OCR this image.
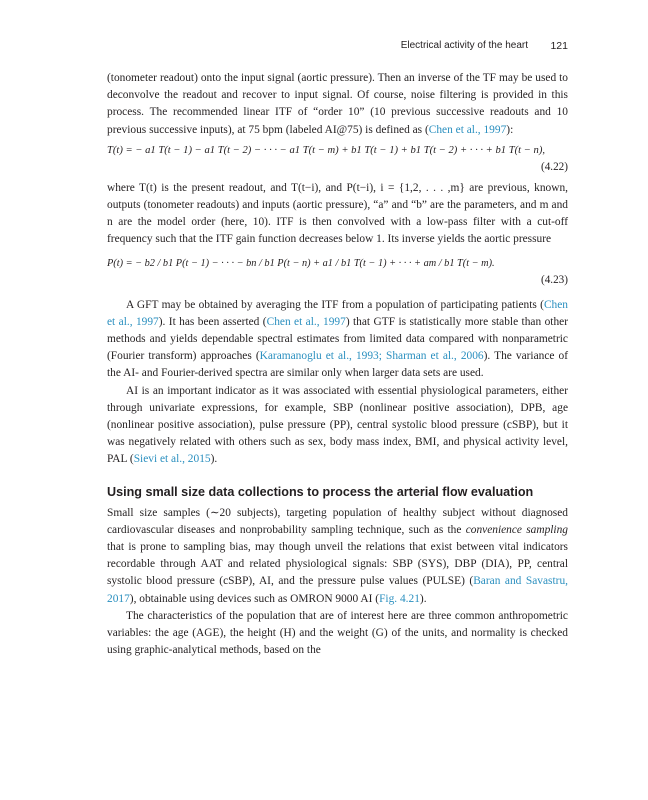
Electrical activity of the heart 121

(tonometer readout) onto the input signal (aortic pressure). Then an inverse of the TF may be used to deconvolve the readout and recover to input signal. Of course, noise filtering is provided in this process. The recommended linear ITF of “order 10” (10 previous successive readouts and 10 previous successive inputs), at 75 bpm (labeled AI@75) is defined as (Chen et al., 1997):

T(t) = − a1 T(t − 1) − a1 T(t − 2) − · · · − a1 T(t − m) + b1 T(t − 1) + b1 T(t − 2) + · · · + b1 T(t − n),
(4.22)

where T(t) is the present readout, and T(t−i), and P(t−i), i = {1,2, . . . ,m} are previous, known, outputs (tonometer readouts) and inputs (aortic pressure), “a” and “b” are the parameters, and m and n are the model order (here, 10). ITF is then convolved with a low-pass filter with a cut-off frequency such that the ITF gain function decreases below 1. Its inverse yields the aortic pressure

P(t) = − b2 / b1 P(t − 1) − · · · − bn / b1 P(t − n) + a1 / b1 T(t − 1) + · · · + am / b1 T(t − m).
(4.23)

A GFT may be obtained by averaging the ITF from a population of participating patients (Chen et al., 1997). It has been asserted (Chen et al., 1997) that GTF is statistically more stable than other methods and yields dependable spectral estimates from limited data compared with nonparametric (Fourier transform) approaches (Karamanoglu et al., 1993; Sharman et al., 2006). The variance of the AI- and Fourier-derived spectra are similar only when larger data sets are used.

AI is an important indicator as it was associated with essential physiological parameters, either through univariate expressions, for example, SBP (nonlinear positive association), DPB, age (nonlinear positive association), pulse pressure (PP), central systolic blood pressure (cSBP), but it was negatively related with others such as sex, body mass index, BMI, and physical activity level, PAL (Sievi et al., 2015).

Using small size data collections to process the arterial flow evaluation

Small size samples (∼20 subjects), targeting population of healthy subject without diagnosed cardiovascular diseases and nonprobability sampling technique, such as the convenience sampling that is prone to sampling bias, may though unveil the relations that exist between vital indicators recordable through AAT and related physiological signals: SBP (SYS), DBP (DIA), PP, central systolic blood pressure (cSBP), AI, and the pressure pulse values (PULSE) (Baran and Savastru, 2017), obtainable using devices such as OMRON 9000 AI (Fig. 4.21).

The characteristics of the population that are of interest here are three common anthropometric variables: the age (AGE), the height (H) and the weight (G) of the units, and normality is checked using graphic-analytical methods, based on the
